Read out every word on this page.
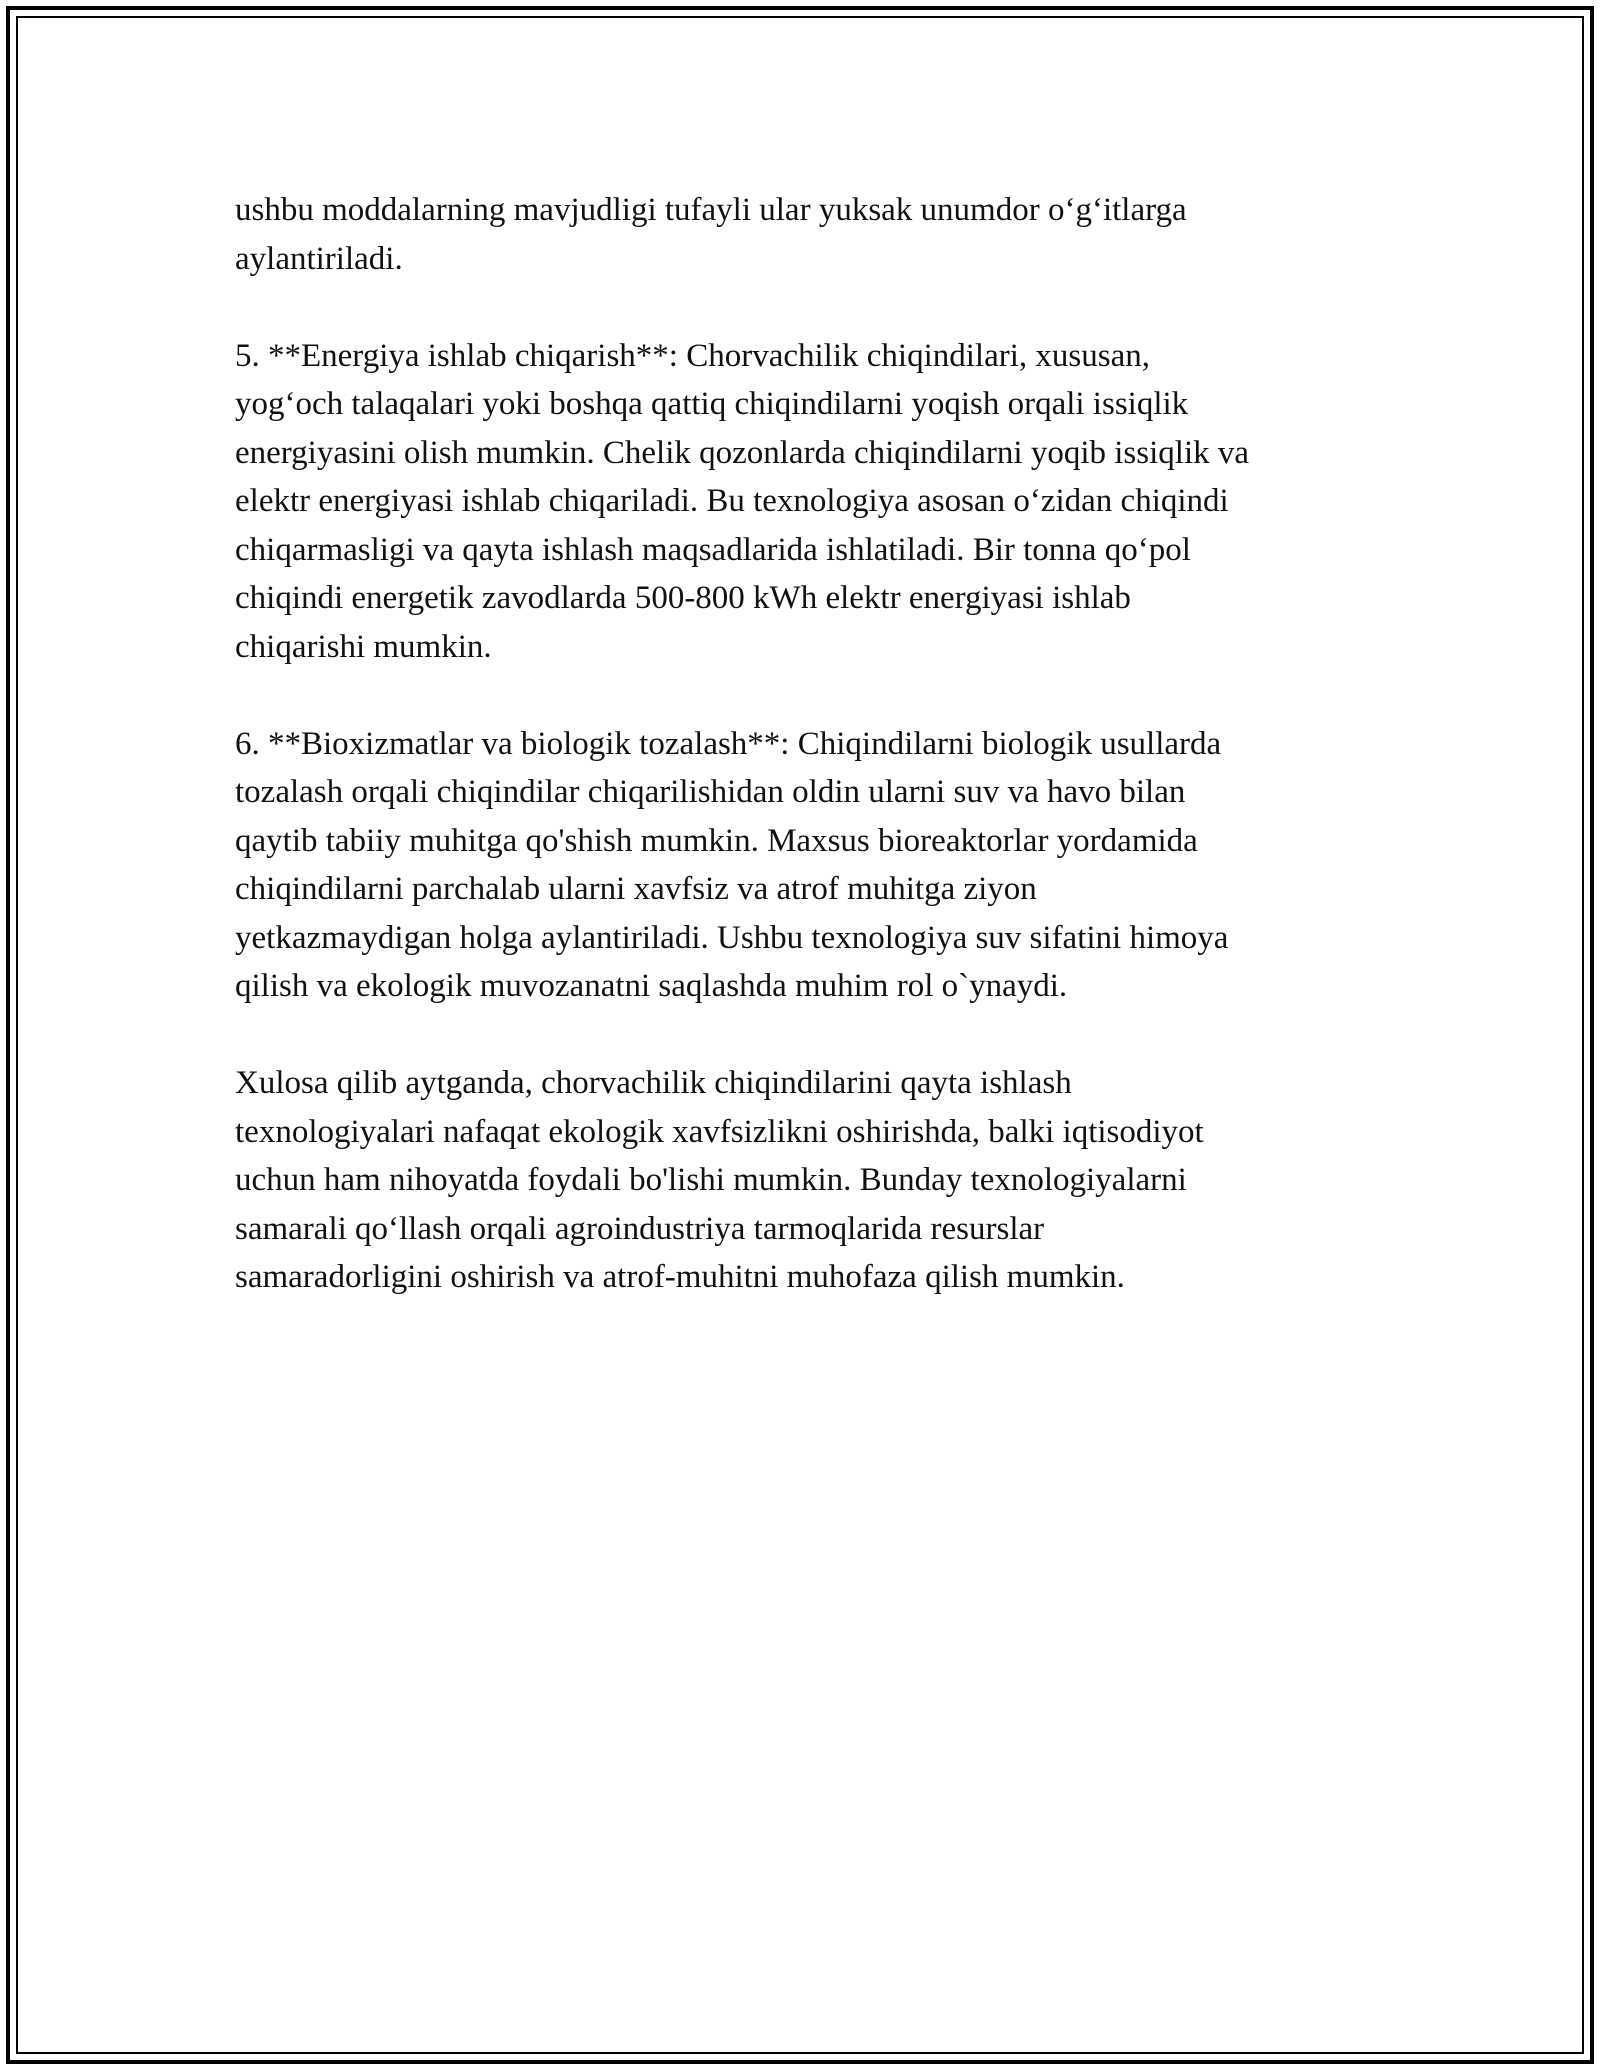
ushbu moddalarning mavjudligi tufayli ular yuksak unumdor o‘g‘itlarga
aylantiriladi.

5. **Energiya ishlab chiqarish**: Chorvachilik chiqindilari, xususan,
yog‘och talaqalari yoki boshqa qattiq chiqindilarni yoqish orqali issiqlik
energiyasini olish mumkin. Chelik qozonlarda chiqindilarni yoqib issiqlik va
elektr energiyasi ishlab chiqariladi. Bu texnologiya asosan o‘zidan chiqindi
chiqarmasligi va qayta ishlash maqsadlarida ishlatiladi. Bir tonna qo‘pol
chiqindi energetik zavodlarda 500-800 kWh elektr energiyasi ishlab
chiqarishi mumkin.

6. **Bioxizmatlar va biologik tozalash**: Chiqindilarni biologik usullarda
tozalash orqali chiqindilar chiqarilishidan oldin ularni suv va havo bilan
qaytib tabiiy muhitga qo'shish mumkin. Maxsus bioreaktorlar yordamida
chiqindilarni parchalab ularni xavfsiz va atrof muhitga ziyon
yetkazmaydigan holga aylantiriladi. Ushbu texnologiya suv sifatini himoya
qilish va ekologik muvozanatni saqlashda muhim rol o`ynaydi.

Xulosa qilib aytganda, chorvachilik chiqindilarini qayta ishlash
texnologiyalari nafaqat ekologik xavfsizlikni oshirishda, balki iqtisodiyot
uchun ham nihoyatda foydali bo'lishi mumkin. Bunday texnologiyalarni
samarali qo‘llash orqali agroindustriya tarmoqlarida resurslar
samaradorligini oshirish va atrof-muhitni muhofaza qilish mumkin.
